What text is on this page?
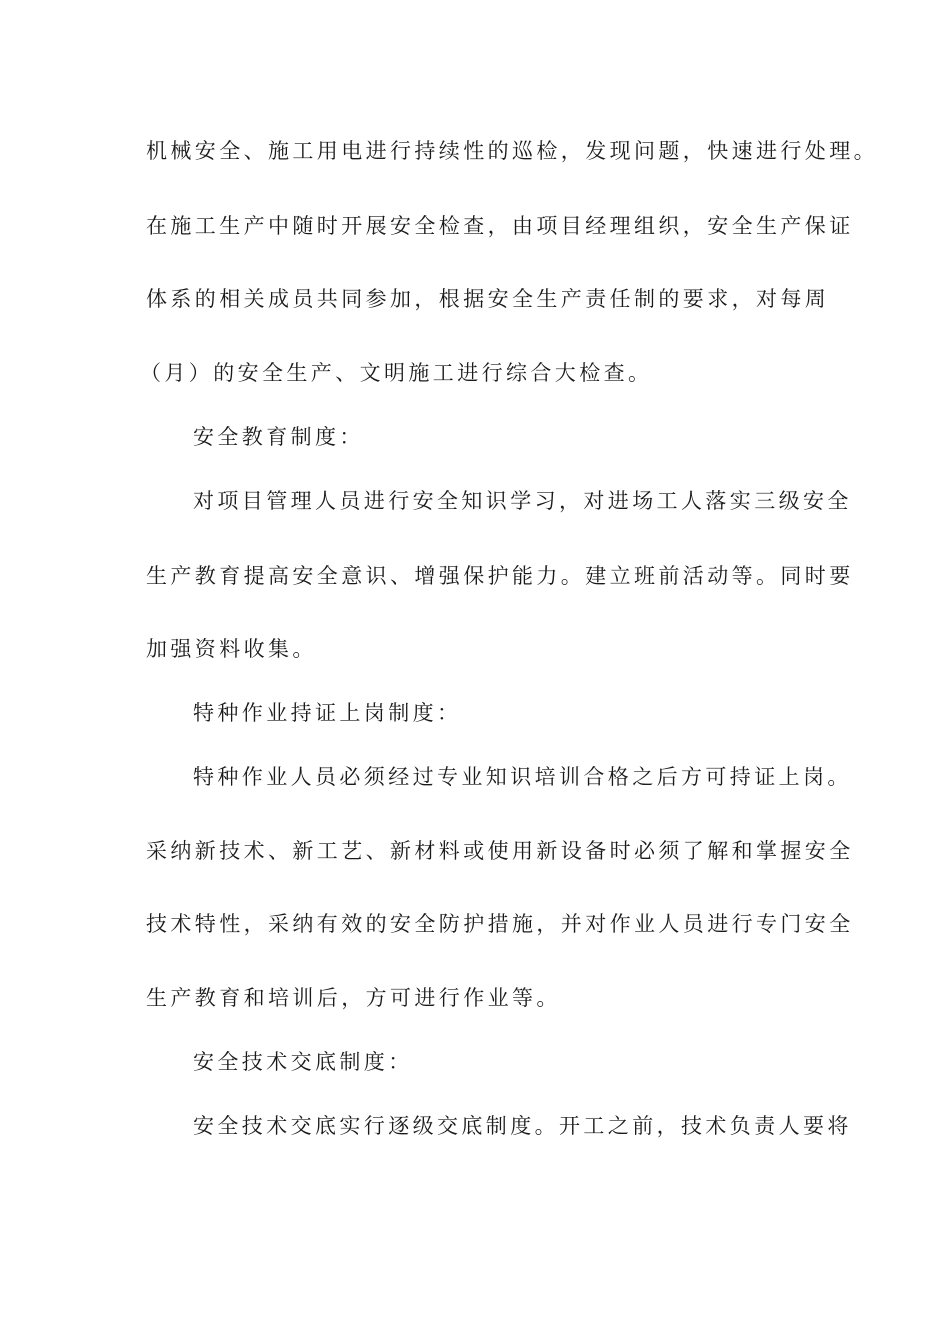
机械安全、施工用电进行持续性的巡检，发现问题，快速进行处理。
在施工生产中随时开展安全检查，由项目经理组织，安全生产保证
体系的相关成员共同参加，根据安全生产责任制的要求，对每周
（月）的安全生产、文明施工进行综合大检查。
安全教育制度：
对项目管理人员进行安全知识学习，对进场工人落实三级安全
生产教育提高安全意识、增强保护能力。建立班前活动等。同时要
加强资料收集。
特种作业持证上岗制度：
特种作业人员必须经过专业知识培训合格之后方可持证上岗。
采纳新技术、新工艺、新材料或使用新设备时必须了解和掌握安全
技术特性，采纳有效的安全防护措施，并对作业人员进行专门安全
生产教育和培训后，方可进行作业等。
安全技术交底制度：
安全技术交底实行逐级交底制度。开工之前，技术负责人要将
